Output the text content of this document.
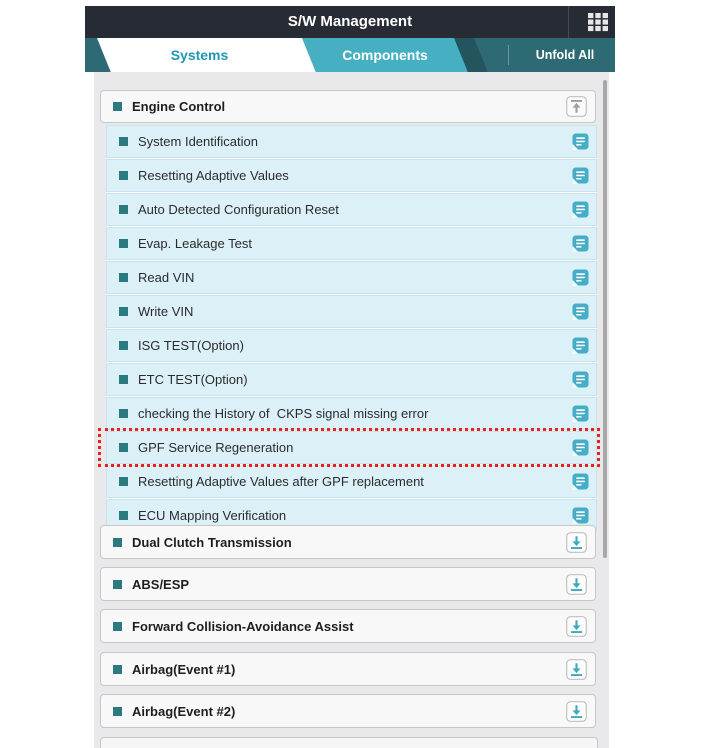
S/W Management
Systems	Components	Unfold All
Engine Control
System Identification
Resetting Adaptive Values
Auto Detected Configuration Reset
Evap. Leakage Test
Read VIN
Write VIN
ISG TEST(Option)
ETC TEST(Option)
checking the History of  CKPS signal missing error
GPF Service Regeneration
Resetting Adaptive Values after GPF replacement
ECU Mapping Verification
Dual Clutch Transmission
ABS/ESP
Forward Collision-Avoidance Assist
Airbag(Event #1)
Airbag(Event #2)
